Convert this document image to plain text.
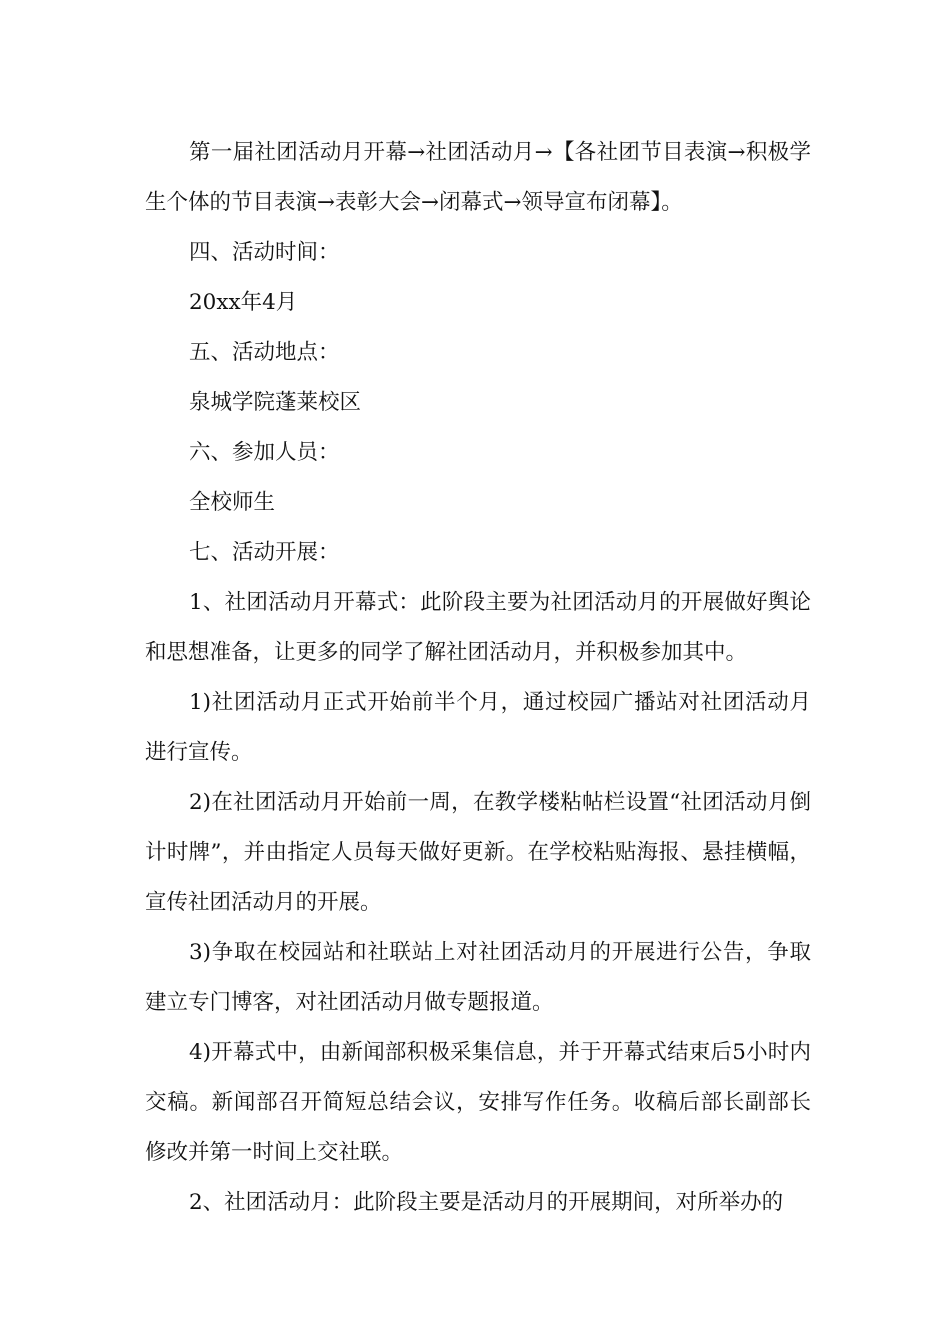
第一届社团活动月开幕→社团活动月→【各社团节目表演→积极学生个体的节目表演→表彰大会→闭幕式→领导宣布闭幕】。

四、活动时间：

20xx年4月

五、活动地点：

泉城学院蓬莱校区

六、参加人员：

全校师生

七、活动开展：

1、社团活动月开幕式：此阶段主要为社团活动月的开展做好舆论和思想准备，让更多的同学了解社团活动月，并积极参加其中。

1)社团活动月正式开始前半个月，通过校园广播站对社团活动月进行宣传。

2)在社团活动月开始前一周，在教学楼粘帖栏设置“社团活动月倒计时牌”，并由指定人员每天做好更新。在学校粘贴海报、悬挂横幅，宣传社团活动月的开展。

3)争取在校园站和社联站上对社团活动月的开展进行公告，争取建立专门博客，对社团活动月做专题报道。

4)开幕式中，由新闻部积极采集信息，并于开幕式结束后5小时内交稿。新闻部召开简短总结会议，安排写作任务。收稿后部长副部长修改并第一时间上交社联。

2、社团活动月：此阶段主要是活动月的开展期间，对所举办的
